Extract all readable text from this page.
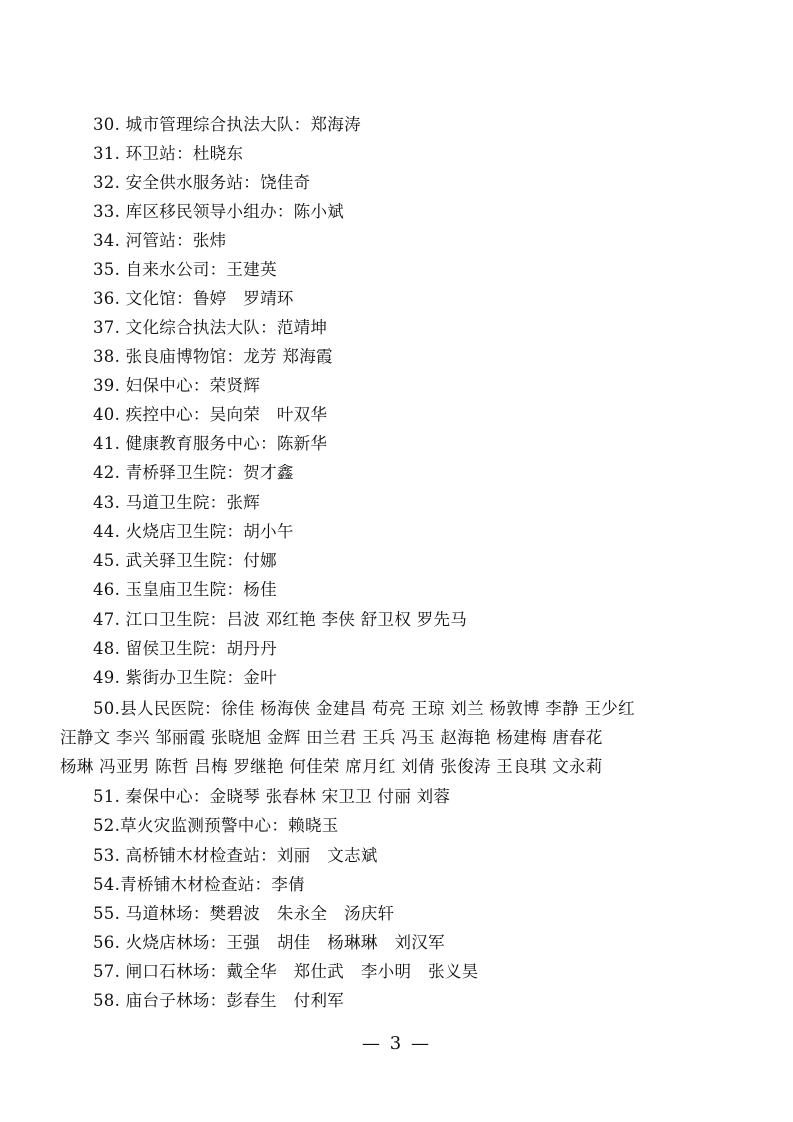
30. 城市管理综合执法大队：郑海涛
31. 环卫站：杜晓东
32. 安全供水服务站：饶佳奇
33. 库区移民领导小组办：陈小斌
34. 河管站：张炜
35. 自来水公司：王建英
36. 文化馆：鲁婷　罗靖环
37. 文化综合执法大队：范靖坤
38. 张良庙博物馆：龙芳 郑海霞
39. 妇保中心：荣贤辉
40. 疾控中心：吴向荣　叶双华
41. 健康教育服务中心：陈新华
42. 青桥驿卫生院：贺才鑫
43. 马道卫生院：张辉
44. 火烧店卫生院：胡小午
45. 武关驿卫生院：付娜
46. 玉皇庙卫生院：杨佳
47. 江口卫生院：吕波 邓红艳 李侠 舒卫权 罗先马
48. 留侯卫生院：胡丹丹
49. 紫街办卫生院：金叶
50.县人民医院：徐佳 杨海侠 金建昌 苟亮 王琼 刘兰 杨敦博 李静 王少红
汪静文 李兴 邹丽霞 张晓旭 金辉 田兰君 王兵 冯玉 赵海艳 杨建梅 唐春花
杨琳 冯亚男 陈哲 吕梅 罗继艳 何佳荣 席月红 刘倩 张俊涛 王良琪 文永莉
51. 秦保中心：金晓琴 张春林 宋卫卫 付丽 刘蓉
52.草火灾监测预警中心：赖晓玉
53. 高桥铺木材检查站：刘丽　文志斌
54.青桥铺木材检查站：李倩
55. 马道林场：樊碧波　朱永全　汤庆轩
56. 火烧店林场：王强　胡佳　杨琳琳　刘汉军
57. 闸口石林场：戴全华　郑仕武　李小明　张义昊
58. 庙台子林场：彭春生　付利军
— 3 —
